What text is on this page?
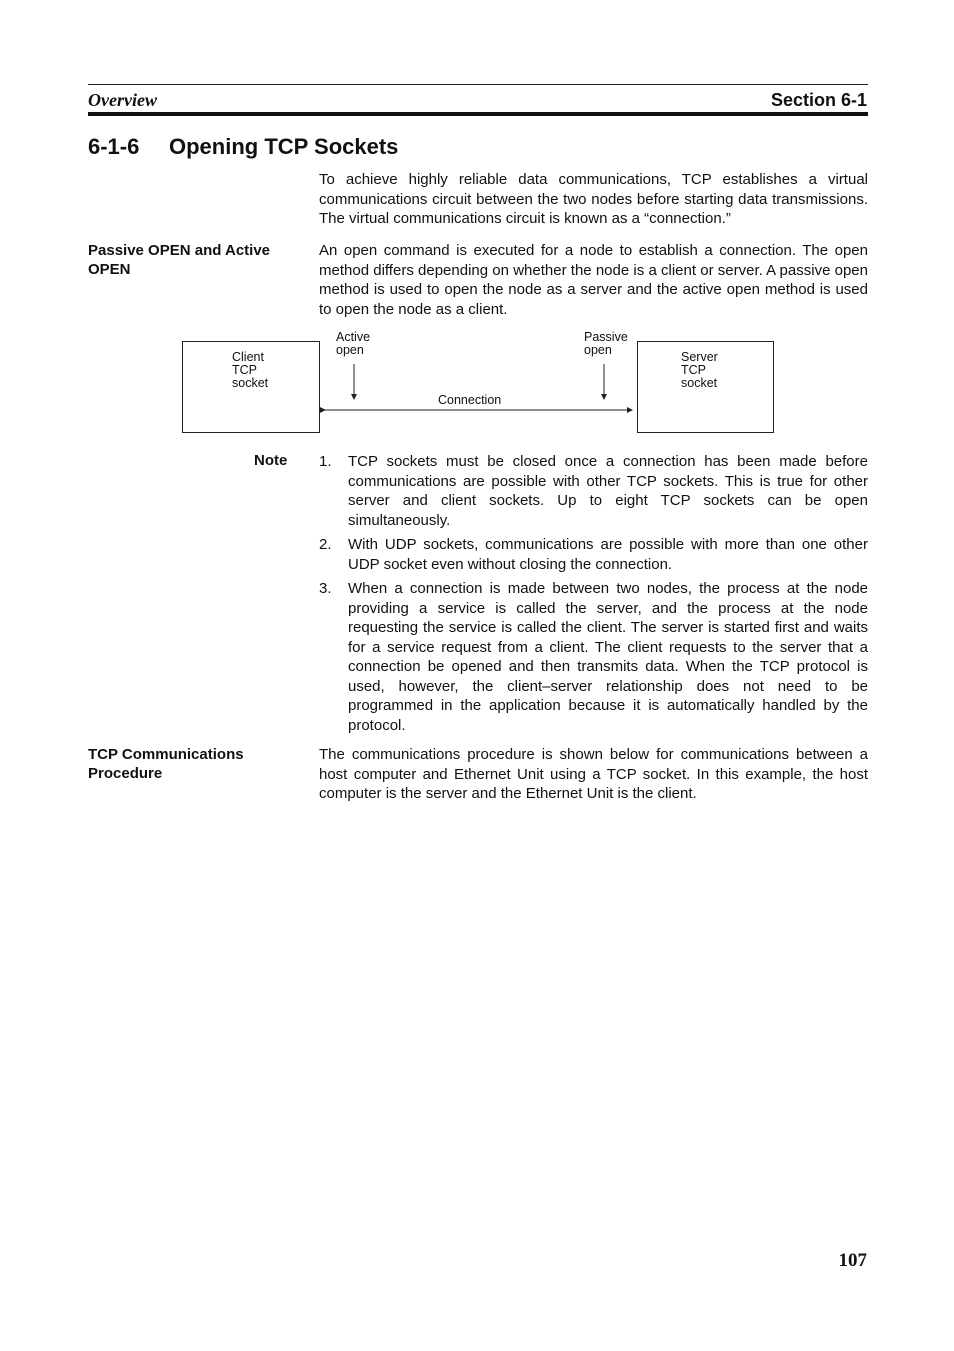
Overview	Section 6-1
6-1-6 Opening TCP Sockets
To achieve highly reliable data communications, TCP establishes a virtual communications circuit between the two nodes before starting data transmissions. The virtual communications circuit is known as a “connection.”
Passive OPEN and Active OPEN
An open command is executed for a node to establish a connection. The open method differs depending on whether the node is a client or server. A passive open method is used to open the node as a server and the active open method is used to open the node as a client.
Client
TCP
socket
Server
TCP
socket
Active
open
Passive
open
Connection
Note 1. TCP sockets must be closed once a connection has been made before communications are possible with other TCP sockets. This is true for other server and client sockets. Up to eight TCP sockets can be open simultaneously.
2. With UDP sockets, communications are possible with more than one other UDP socket even without closing the connection.
3. When a connection is made between two nodes, the process at the node providing a service is called the server, and the process at the node requesting the service is called the client. The server is started first and waits for a service request from a client. The client requests to the server that a connection be opened and then transmits data. When the TCP protocol is used, however, the client–server relationship does not need to be programmed in the application because it is automatically handled by the protocol.
TCP Communications Procedure
The communications procedure is shown below for communications between a host computer and Ethernet Unit using a TCP socket. In this example, the host computer is the server and the Ethernet Unit is the client.
107
